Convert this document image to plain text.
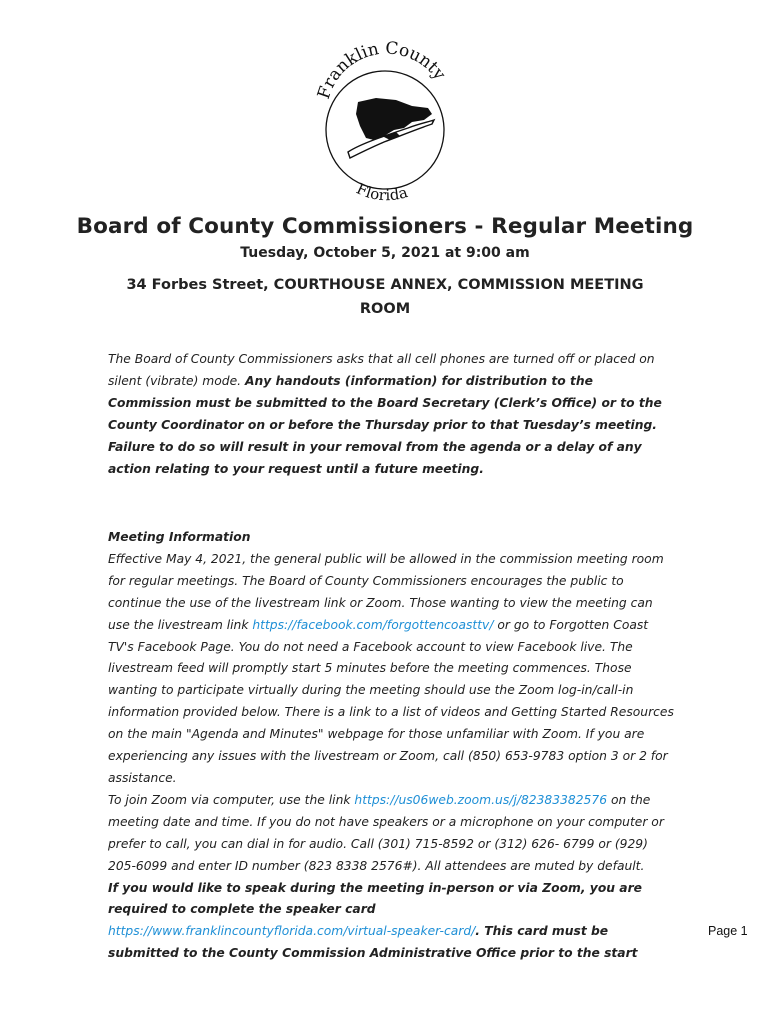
Franklin County
Florida
Board of County Commissioners - Regular Meeting
Tuesday, October 5, 2021 at 9:00 am
34 Forbes Street, COURTHOUSE ANNEX, COMMISSION MEETING ROOM
The Board of County Commissioners asks that all cell phones are turned off or placed on silent (vibrate) mode. Any handouts (information) for distribution to the Commission must be submitted to the Board Secretary (Clerk’s Office) or to the County Coordinator on or before the Thursday prior to that Tuesday’s meeting. Failure to do so will result in your removal from the agenda or a delay of any action relating to your request until a future meeting.

Meeting Information

Effective May 4, 2021, the general public will be allowed in the commission meeting room for regular meetings. The Board of County Commissioners encourages the public to continue the use of the livestream link or Zoom. Those wanting to view the meeting can use the livestream link https://facebook.com/forgottencoasttv/ or go to Forgotten Coast TV's Facebook Page. You do not need a Facebook account to view Facebook live. The livestream feed will promptly start 5 minutes before the meeting commences. Those wanting to participate virtually during the meeting should use the Zoom log-in/call-in information provided below. There is a link to a list of videos and Getting Started Resources on the main "Agenda and Minutes" webpage for those unfamiliar with Zoom. If you are experiencing any issues with the livestream or Zoom, call (850) 653-9783 option 3 or 2 for assistance.

To join Zoom via computer, use the link https://us06web.zoom.us/j/82383382576 on the meeting date and time. If you do not have speakers or a microphone on your computer or prefer to call, you can dial in for audio. Call (301) 715-8592 or (312) 626- 6799 or (929) 205-6099 and enter ID number (823 8338 2576#). All attendees are muted by default.

If you would like to speak during the meeting in-person or via Zoom, you are required to complete the speaker card
https://www.franklincountyflorida.com/virtual-speaker-card/. This card must be submitted to the County Commission Administrative Office prior to the start

Page 1
